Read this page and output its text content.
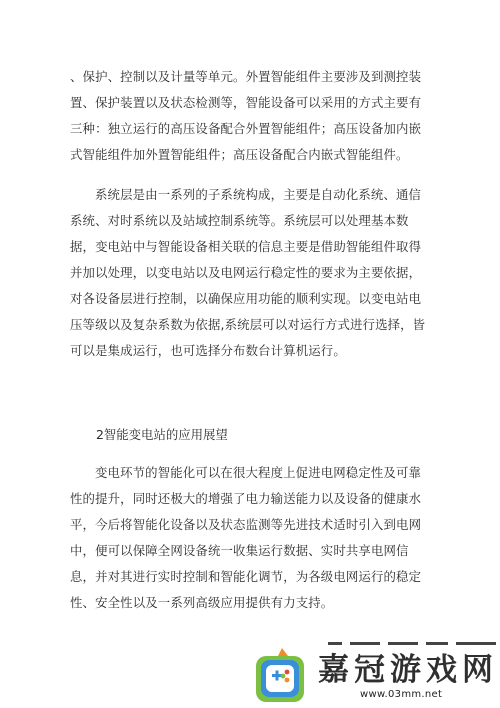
、保护、控制以及计量等单元。外置智能组件主要涉及到测控装置、保护装置以及状态检测等，智能设备可以采用的方式主要有三种：独立运行的高压设备配合外置智能组件；高压设备加内嵌式智能组件加外置智能组件；高压设备配合内嵌式智能组件。

系统层是由一系列的子系统构成，主要是自动化系统、通信系统、对时系统以及站域控制系统等。系统层可以处理基本数据，变电站中与智能设备相关联的信息主要是借助智能组件取得并加以处理，以变电站以及电网运行稳定性的要求为主要依据，对各设备层进行控制，以确保应用功能的顺利实现。以变电站电压等级以及复杂系数为依据,系统层可以对运行方式进行选择，皆可以是集成运行，也可选择分布数台计算机运行。

2智能变电站的应用展望

变电环节的智能化可以在很大程度上促进电网稳定性及可靠性的提升，同时还极大的增强了电力输送能力以及设备的健康水平，今后将智能化设备以及状态监测等先进技术适时引入到电网中，便可以保障全网设备统一收集运行数据、实时共享电网信息，并对其进行实时控制和智能化调节，为各级电网运行的稳定性、安全性以及一系列高级应用提供有力支持。

嘉冠游戏网
www.03mm.net
